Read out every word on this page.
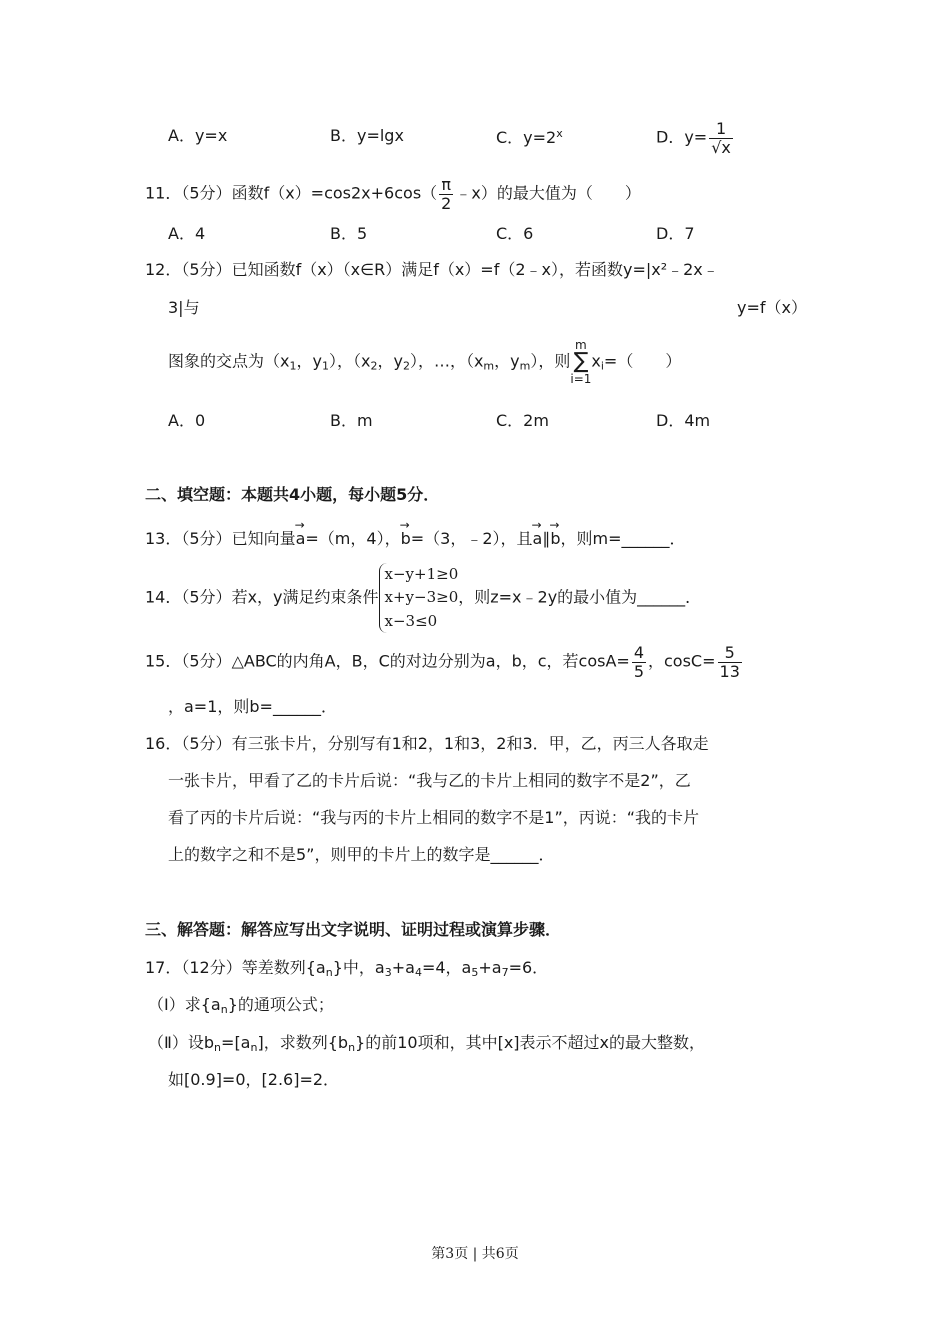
A．y=x	B．y=lgx	C．$y=2^x$	D．$y= \frac{1}{√x}$
11．（5分）函数$f(x)=\cos 2x+6\cos( \frac{\pi}{2}$ ﹣x）的最大值为（　　）
A．4	B．5	C．6	D．7
12．（5分）已知函数f（x）（x∈R）满足f（x）=f（2﹣x），若函数y=|x²﹣2x﹣
3|与	y=f（x）
图象的交点为（$x_1$，$y_1$），（$x_2$，$y_2$），…，（$x_m$，$y_m$），则m
∑
$i=1x_i=$（　　）
A．0	B．m	C．2m	D．4m
二、填空题：本题共4小题，每小题5分．
13．（5分）已知向量→ a=（m，4），→ b=（3，﹣2），且→ a∥→ b，则m=______．
14．（5分）若x，y满足约束条件
x−y+1≥0
x+y−3≥0
x−3≤0
，则z=x﹣2y的最小值为______．
15．（5分）△ABC的内角A，B，C的对边分别为a，b，c，若$\cos A= \frac{4}{5}$ ，$\cos C= \frac{5}{13}$
，a=1，则b=______．
16．（5分）有三张卡片，分别写有1和2，1和3，2和3．甲，乙，丙三人各取走
一张卡片，甲看了乙的卡片后说：“我与乙的卡片上相同的数字不是2”，乙
看了丙的卡片后说：“我与丙的卡片上相同的数字不是1”，丙说：“我的卡片
上的数字之和不是5”，则甲的卡片上的数字是______．
三、解答题：解答应写出文字说明、证明过程或演算步骤．
17．（12分）等差数列$\{a_n\}$中，$a_3+a_4=4$，$a_5+a_7=6$．
（Ⅰ）求$\{a_n\}$的通项公式；
（Ⅱ）设$b_n=[a_n]$，求数列$\{b_n\}$的前10项和，其中[x]表示不超过x的最大整数，
如[0.9]=0，[2.6]=2．
第3页 | 共6页
